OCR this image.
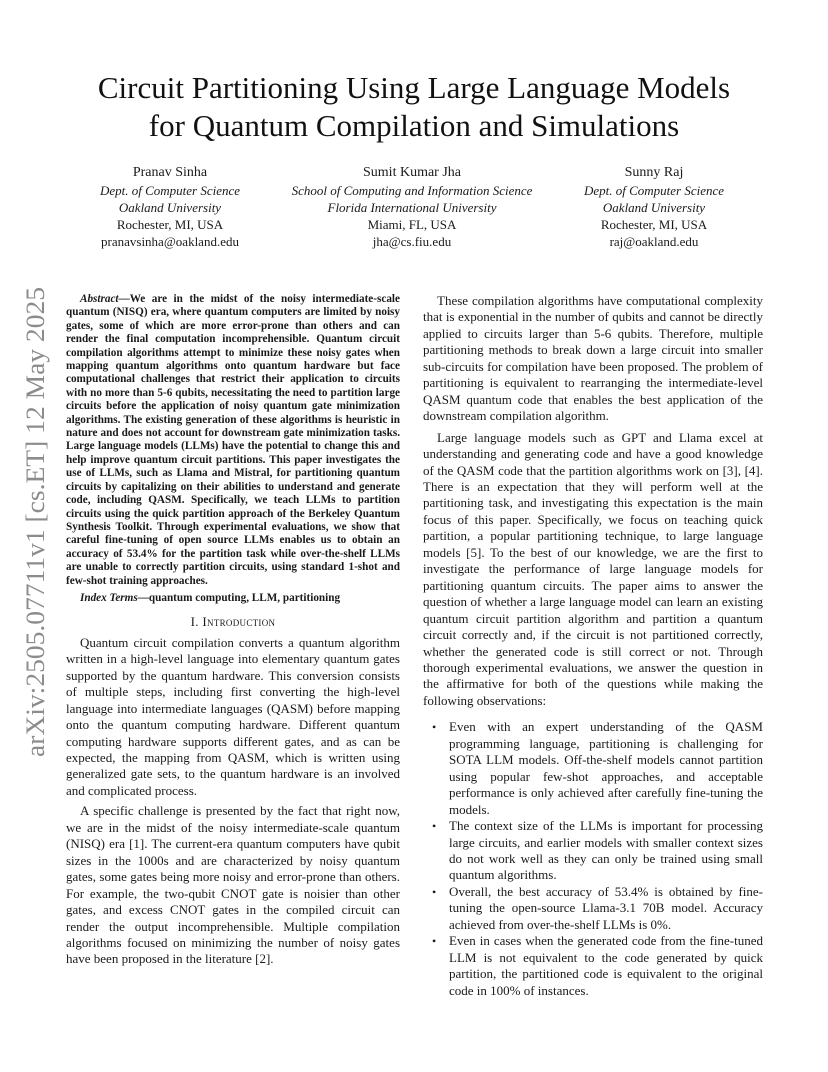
arXiv:2505.07711v1 [cs.ET] 12 May 2025
Circuit Partitioning Using Large Language Models
for Quantum Compilation and Simulations
Pranav Sinha
Dept. of Computer Science
Oakland University
Rochester, MI, USA
pranavsinha@oakland.edu
Sumit Kumar Jha
School of Computing and Information Science
Florida International University
Miami, FL, USA
jha@cs.fiu.edu
Sunny Raj
Dept. of Computer Science
Oakland University
Rochester, MI, USA
raj@oakland.edu

Abstract—We are in the midst of the noisy intermediate-scale quantum (NISQ) era, where quantum computers are limited by noisy gates, some of which are more error-prone than others and can render the final computation incomprehensible. Quantum circuit compilation algorithms attempt to minimize these noisy gates when mapping quantum algorithms onto quantum hardware but face computational challenges that restrict their application to circuits with no more than 5-6 qubits, necessitating the need to partition large circuits before the application of noisy quantum gate minimization algorithms. The existing generation of these algorithms is heuristic in nature and does not account for downstream gate minimization tasks. Large language models (LLMs) have the potential to change this and help improve quantum circuit partitions. This paper investigates the use of LLMs, such as Llama and Mistral, for partitioning quantum circuits by capitalizing on their abilities to understand and generate code, including QASM. Specifically, we teach LLMs to partition circuits using the quick partition approach of the Berkeley Quantum Synthesis Toolkit. Through experimental evaluations, we show that careful fine-tuning of open source LLMs enables us to obtain an accuracy of 53.4% for the partition task while over-the-shelf LLMs are unable to correctly partition circuits, using standard 1-shot and few-shot training approaches.

Index Terms—quantum computing, LLM, partitioning

I. Introduction

Quantum circuit compilation converts a quantum algorithm written in a high-level language into elementary quantum gates supported by the quantum hardware. This conversion consists of multiple steps, including first converting the high-level language into intermediate languages (QASM) before mapping onto the quantum computing hardware. Different quantum computing hardware supports different gates, and as can be expected, the mapping from QASM, which is written using generalized gate sets, to the quantum hardware is an involved and complicated process.

A specific challenge is presented by the fact that right now, we are in the midst of the noisy intermediate-scale quantum (NISQ) era [1]. The current-era quantum computers have qubit sizes in the 1000s and are characterized by noisy quantum gates, some gates being more noisy and error-prone than others. For example, the two-qubit CNOT gate is noisier than other gates, and excess CNOT gates in the compiled circuit can render the output incomprehensible. Multiple compilation algorithms focused on minimizing the number of noisy gates have been proposed in the literature [2].

These compilation algorithms have computational complexity that is exponential in the number of qubits and cannot be directly applied to circuits larger than 5-6 qubits. Therefore, multiple partitioning methods to break down a large circuit into smaller sub-circuits for compilation have been proposed. The problem of partitioning is equivalent to rearranging the intermediate-level QASM quantum code that enables the best application of the downstream compilation algorithm.

Large language models such as GPT and Llama excel at understanding and generating code and have a good knowledge of the QASM code that the partition algorithms work on [3], [4]. There is an expectation that they will perform well at the partitioning task, and investigating this expectation is the main focus of this paper. Specifically, we focus on teaching quick partition, a popular partitioning technique, to large language models [5]. To the best of our knowledge, we are the first to investigate the performance of large language models for partitioning quantum circuits. The paper aims to answer the question of whether a large language model can learn an existing quantum circuit partition algorithm and partition a quantum circuit correctly and, if the circuit is not partitioned correctly, whether the generated code is still correct or not. Through thorough experimental evaluations, we answer the question in the affirmative for both of the questions while making the following observations:

• Even with an expert understanding of the QASM programming language, partitioning is challenging for SOTA LLM models. Off-the-shelf models cannot partition using popular few-shot approaches, and acceptable performance is only achieved after carefully fine-tuning the models.
• The context size of the LLMs is important for processing large circuits, and earlier models with smaller context sizes do not work well as they can only be trained using small quantum algorithms.
• Overall, the best accuracy of 53.4% is obtained by fine-tuning the open-source Llama-3.1 70B model. Accuracy achieved from over-the-shelf LLMs is 0%.
• Even in cases when the generated code from the fine-tuned LLM is not equivalent to the code generated by quick partition, the partitioned code is equivalent to the original code in 100% of instances.
